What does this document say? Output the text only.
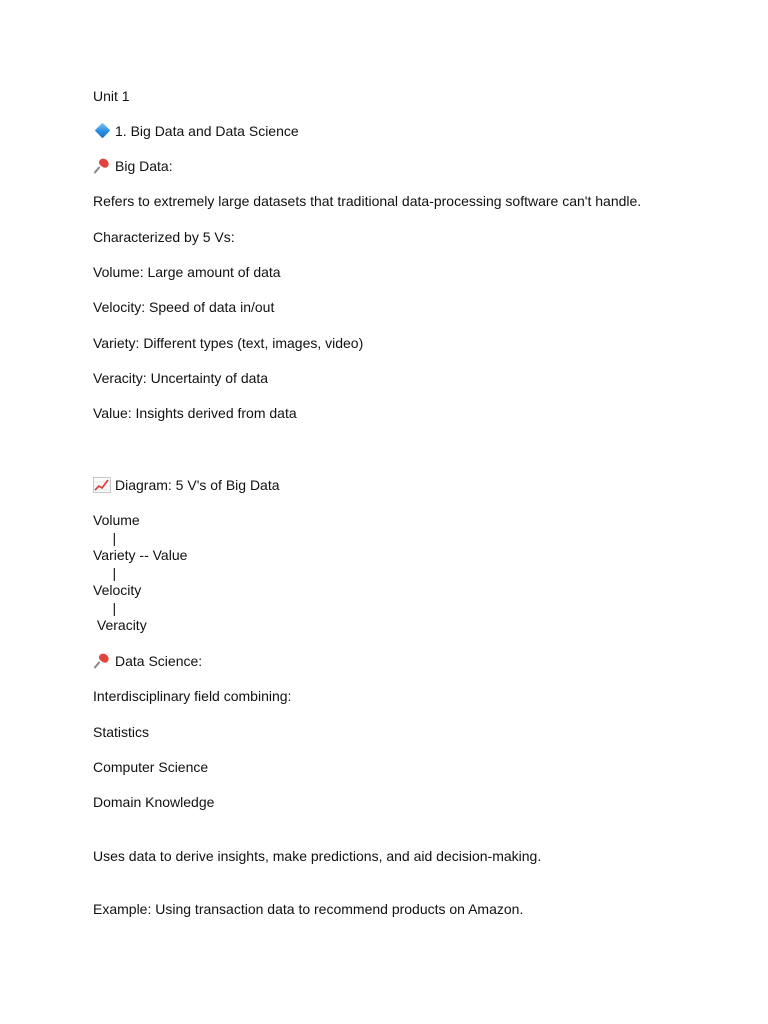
Unit 1
1. Big Data and Data Science
Big Data:
Refers to extremely large datasets that traditional data-processing software can't handle.
Characterized by 5 Vs:
Volume: Large amount of data
Velocity: Speed of data in/out
Variety: Different types (text, images, video)
Veracity: Uncertainty of data
Value: Insights derived from data
Diagram: 5 V's of Big Data
Volume
|
Variety -- Value
|
Velocity
|
Veracity
Data Science:
Interdisciplinary field combining:
Statistics
Computer Science
Domain Knowledge
Uses data to derive insights, make predictions, and aid decision-making.
Example: Using transaction data to recommend products on Amazon.
